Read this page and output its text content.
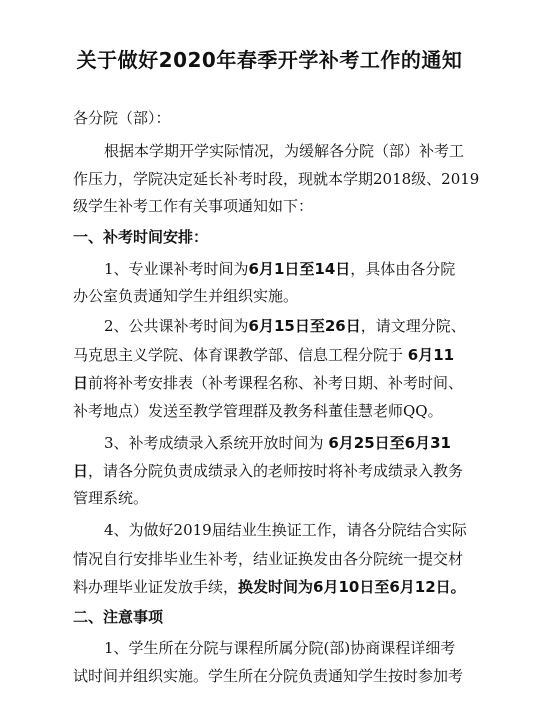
关于做好2020年春季开学补考工作的通知
各分院（部）：
根据本学期开学实际情况，为缓解各分院（部）补考工
作压力，学院决定延长补考时段，现就本学期2018级、2019
级学生补考工作有关事项通知如下：
一、补考时间安排：
1、专业课补考时间为6月1日至14日，具体由各分院
办公室负责通知学生并组织实施。
2、公共课补考时间为6月15日至26日，请文理分院、
马克思主义学院、体育课教学部、信息工程分院于 6月11
日前将补考安排表（补考课程名称、补考日期、补考时间、
补考地点）发送至教学管理群及教务科董佳慧老师QQ。
3、补考成绩录入系统开放时间为 6月25日至6月31
日，请各分院负责成绩录入的老师按时将补考成绩录入教务
管理系统。
4、为做好2019届结业生换证工作，请各分院结合实际
情况自行安排毕业生补考，结业证换发由各分院统一提交材
料办理毕业证发放手续，换发时间为6月10日至6月12日。
二、注意事项
1、学生所在分院与课程所属分院(部)协商课程详细考
试时间并组织实施。学生所在分院负责通知学生按时参加考
